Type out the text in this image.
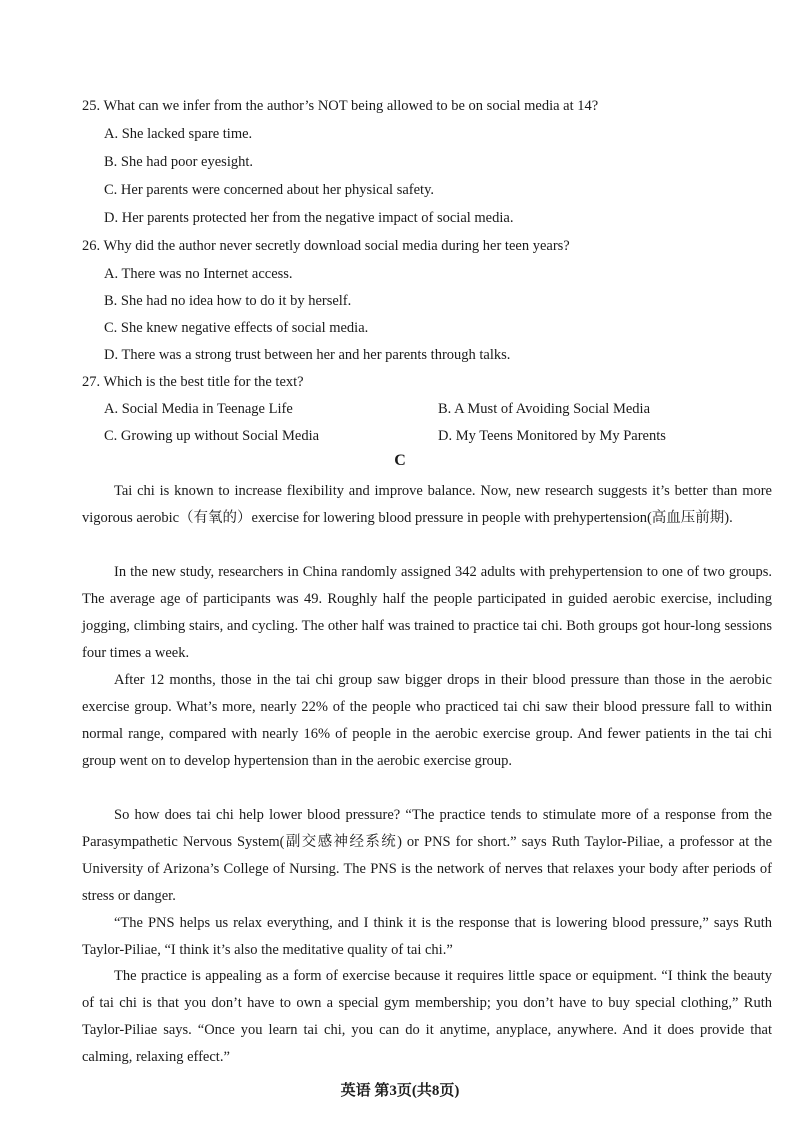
25. What can we infer from the author’s NOT being allowed to be on social media at 14?
A. She lacked spare time.
B. She had poor eyesight.
C. Her parents were concerned about her physical safety.
D. Her parents protected her from the negative impact of social media.
26. Why did the author never secretly download social media during her teen years?
A. There was no Internet access.
B. She had no idea how to do it by herself.
C. She knew negative effects of social media.
D. There was a strong trust between her and her parents through talks.
27. Which is the best title for the text?
A. Social Media in Teenage Life	B. A Must of Avoiding Social Media
C. Growing up without Social Media	D. My Teens Monitored by My Parents
C
Tai chi is known to increase flexibility and improve balance. Now, new research suggests it’s better than more vigorous aerobic（有氧的）exercise for lowering blood pressure in people with prehypertension(高血压前期).
In the new study, researchers in China randomly assigned 342 adults with prehypertension to one of two groups. The average age of participants was 49. Roughly half the people participated in guided aerobic exercise, including jogging, climbing stairs, and cycling. The other half was trained to practice tai chi. Both groups got hour-long sessions four times a week.
After 12 months, those in the tai chi group saw bigger drops in their blood pressure than those in the aerobic exercise group. What’s more, nearly 22% of the people who practiced tai chi saw their blood pressure fall to within normal range, compared with nearly 16% of people in the aerobic exercise group. And fewer patients in the tai chi group went on to develop hypertension than in the aerobic exercise group.
So how does tai chi help lower blood pressure? “The practice tends to stimulate more of a response from the Parasympathetic Nervous System(副交感神经系统) or PNS for short.” says Ruth Taylor-Piliae, a professor at the University of Arizona’s College of Nursing. The PNS is the network of nerves that relaxes your body after periods of stress or danger.
“The PNS helps us relax everything, and I think it is the response that is lowering blood pressure,” says Ruth Taylor-Piliae, “I think it’s also the meditative quality of tai chi.”
The practice is appealing as a form of exercise because it requires little space or equipment. “I think the beauty of tai chi is that you don’t have to own a special gym membership; you don’t have to buy special clothing,” Ruth Taylor-Piliae says. “Once you learn tai chi, you can do it anytime, anyplace, anywhere. And it does provide that calming, relaxing effect.”
英语 第3页(共8页)
